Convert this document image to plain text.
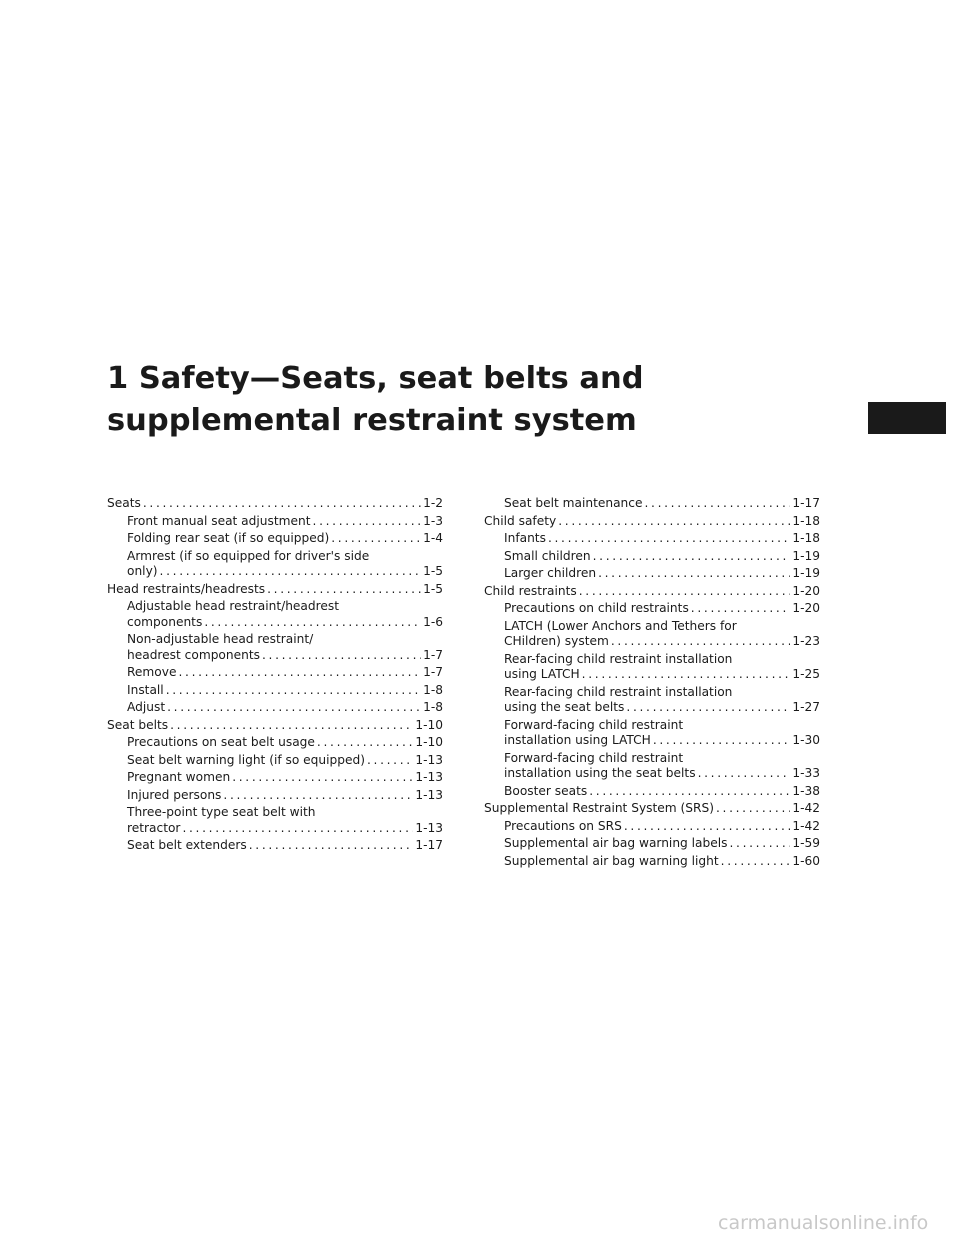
1 Safety—Seats, seat belts and
supplemental restraint system
Seats . . .	1-2
Front manual seat adjustment . . .	1-3
Folding rear seat (if so equipped) . . .	1-4
Armrest (if so equipped for driver's side
only) . . .	1-5
Head restraints/headrests . . .	1-5
Adjustable head restraint/headrest
components . . .	1-6
Non-adjustable head restraint/
headrest components . . .	1-7
Remove . . .	1-7
Install . . .	1-8
Adjust . . .	1-8
Seat belts . . .	1-10
Precautions on seat belt usage . . .	1-10
Seat belt warning light (if so equipped) . . .	1-13
Pregnant women . . .	1-13
Injured persons . . .	1-13
Three-point type seat belt with
retractor . . .	1-13
Seat belt extenders . . .	1-17
Seat belt maintenance . . .	1-17
Child safety . . .	1-18
Infants . . .	1-18
Small children . . .	1-19
Larger children . . .	1-19
Child restraints . . .	1-20
Precautions on child restraints . . .	1-20
LATCH (Lower Anchors and Tethers for
CHildren) system . . .	1-23
Rear-facing child restraint installation
using LATCH . . .	1-25
Rear-facing child restraint installation
using the seat belts . . .	1-27
Forward-facing child restraint
installation using LATCH . . .	1-30
Forward-facing child restraint
installation using the seat belts . . .	1-33
Booster seats . . .	1-38
Supplemental Restraint System (SRS) . . .	1-42
Precautions on SRS . . .	1-42
Supplemental air bag warning labels . . .	1-59
Supplemental air bag warning light . . .	1-60
carmanualsonline.info
